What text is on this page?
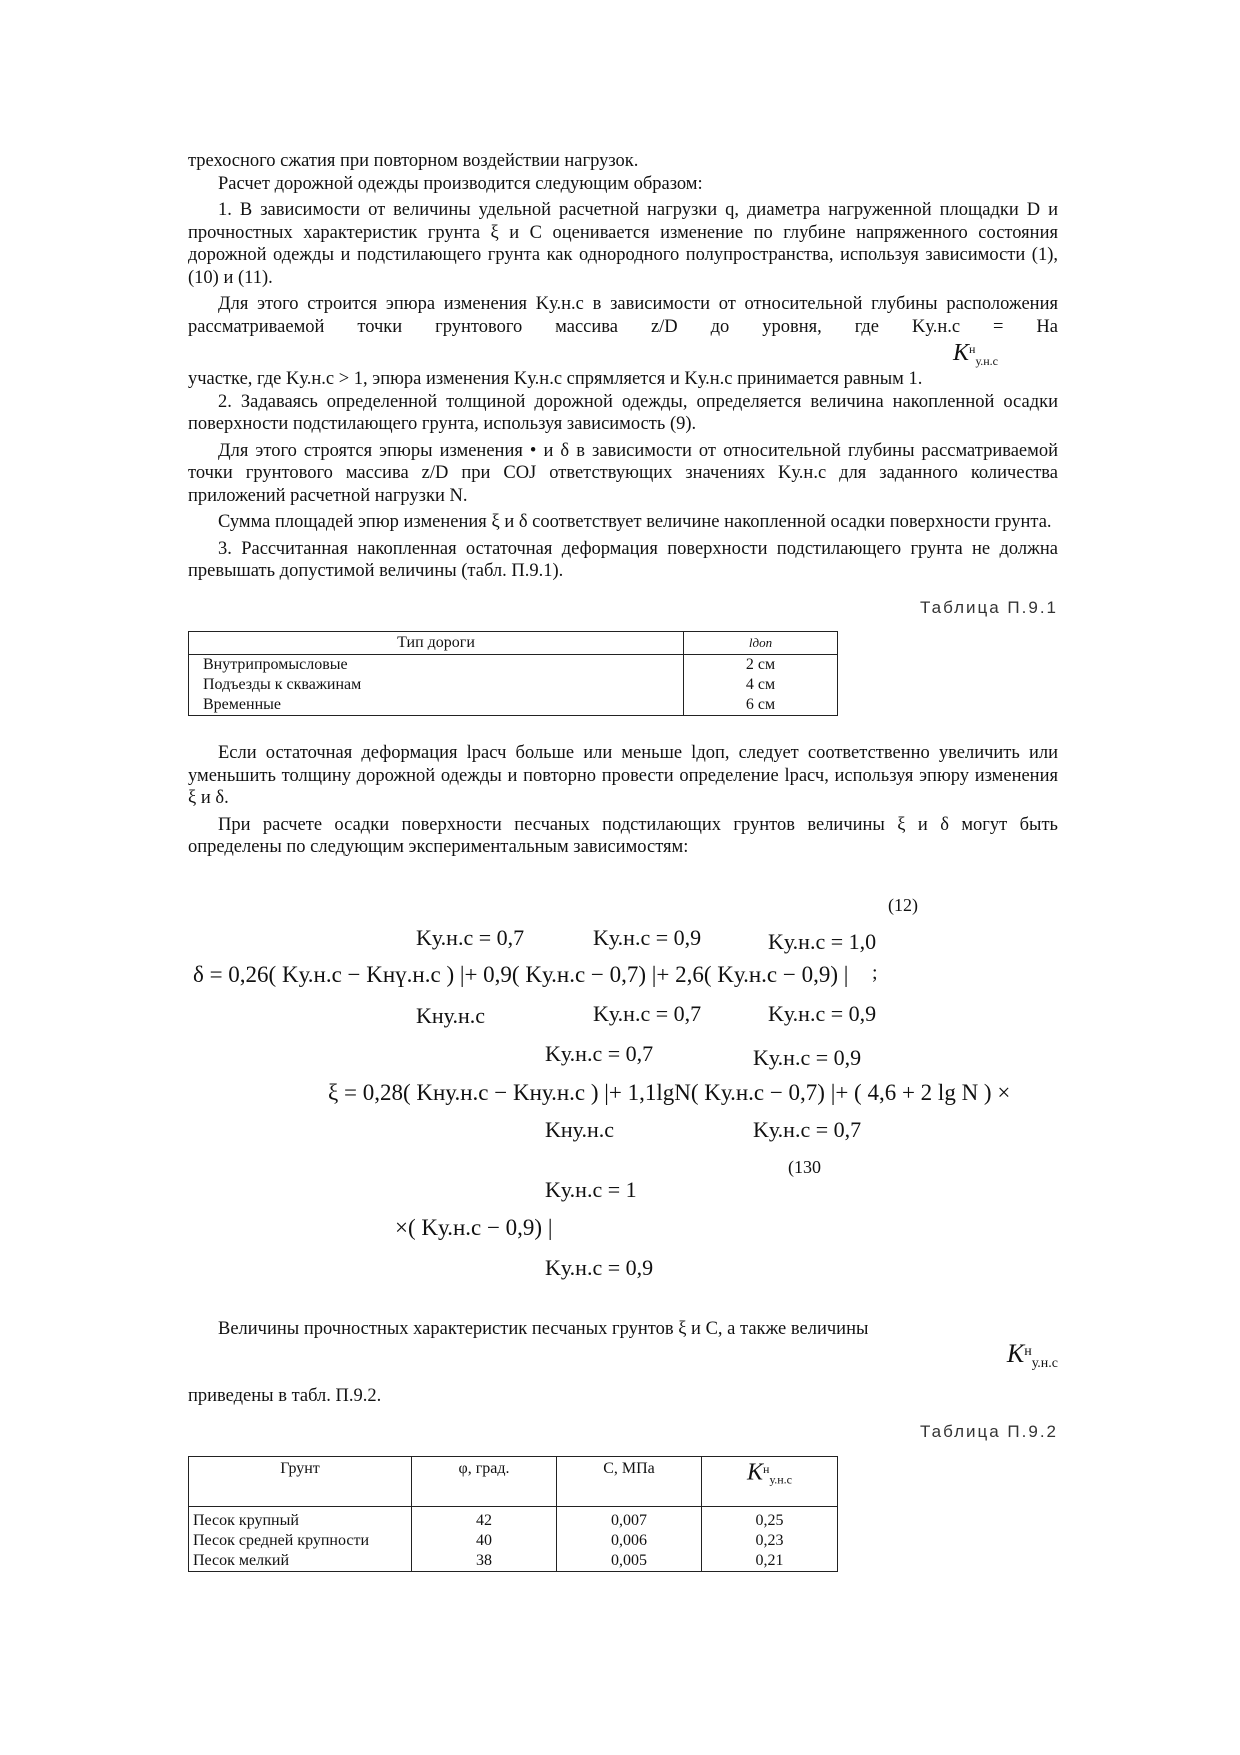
трехосного сжатия при повторном воздействии нагрузок.

Расчет дорожной одежды производится следующим образом:

1. В зависимости от величины удельной расчетной нагрузки q, диаметра нагруженной площадки D и прочностных характеристик грунта ξ и C оценивается изменение по глубине напряженного состояния дорожной одежды и подстилающего грунта как однородного полупространства, используя зависимости (1), (10) и (11).

Для этого строится эпюра изменения Kу.н.с в зависимости от относительной глубины расположения рассматриваемой точки грунтового массива z/D до уровня, где Kу.н.с = На

$K^н_{у.н.с}$

участке, где Kу.н.с > 1, эпюра изменения Kу.н.с спрямляется и Kу.н.с принимается равным 1.

2. Задаваясь определенной толщиной дорожной одежды, определяется величина накопленной осадки поверхности подстилающего грунта, используя зависимость (9).

Для этого строятся эпюры изменения • и δ в зависимости от относительной глубины рассматриваемой точки грунтового массива z/D при COJ ответствующих значениях Kу.н.с для заданного количества приложений расчетной нагрузки N.

Сумма площадей эпюр изменения ξ и δ соответствует величине накопленной осадки поверхности грунта.

3. Рассчитанная накопленная остаточная деформация поверхности подстилающего грунта не должна превышать допустимой величины (табл. П.9.1).

Таблица П.9.1
Тип дороги	lдоп
Внутрипромысловые	2 см
Подъезды к скважинам	4 см
Временные	6 см

Если остаточная деформация lрасч больше или меньше lдоп, следует соответственно увеличить или уменьшить толщину дорожной одежды и повторно провести определение lрасч, используя эпюру изменения ξ и δ.

При расчете осадки поверхности песчаных подстилающих грунтов величины ξ и δ могут быть определены по следующим экспериментальным зависимостям:

(12)
Kу.н.с = 0,7	Kу.н.с = 0,9	Kу.н.с = 1,0
δ = 0,26( Kу.н.с − Kнү.н.с ) |+ 0,9( Kу.н.с − 0,7) |+ 2,6( Kу.н.с − 0,9) | ;
Kну.н.с	Kу.н.с = 0,7	Kу.н.с = 0,9
Kу.н.с = 0,7	Kу.н.с = 0,9
ξ = 0,28( Kну.н.с − Kну.н.с ) |+ 1,1lgN( Kу.н.с − 0,7) |+ ( 4,6 + 2 lg N ) ×
Kну.н.с	Kу.н.с = 0,7
(130
Kу.н.с = 1
×( Kу.н.с − 0,9) |
Kу.н.с = 0,9

Величины прочностных характеристик песчаных грунтов ξ и C, а также величины

$K^н_{у.н.с}$

приведены в табл. П.9.2.

Таблица П.9.2
Грунт	φ, град.	C, МПа	$K^н_{у.н.с}$
Песок крупный	42	0,007	0,25
Песок средней крупности	40	0,006	0,23
Песок мелкий	38	0,005	0,21
